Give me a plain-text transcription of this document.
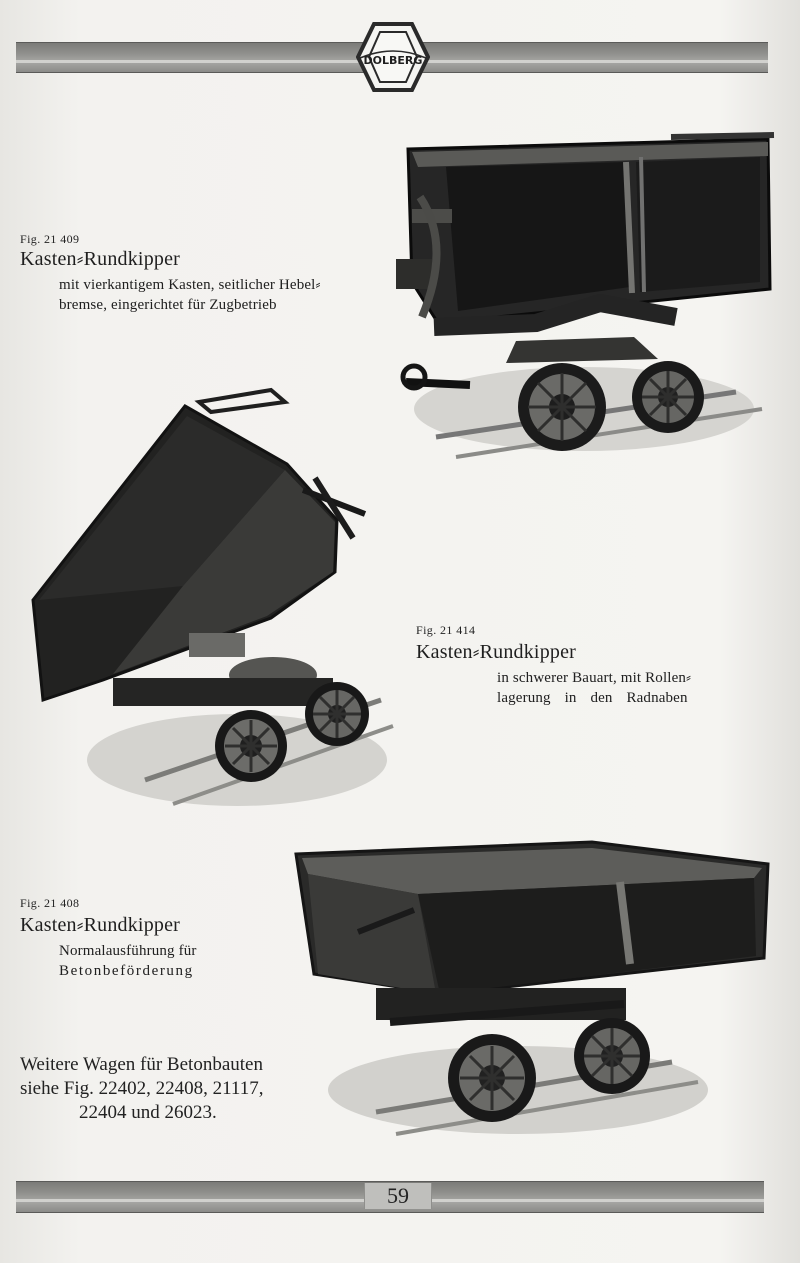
DOLBERG
Fig. 21 409
Kasten⸗Rundkipper
mit vierkantigem Kasten, seitlicher Hebel⸗
bremse, eingerichtet für Zugbetrieb
Fig. 21 414
Kasten⸗Rundkipper
in schwerer Bauart, mit Rollen⸗
lagerung in den Radnaben
Fig. 21 408
Kasten⸗Rundkipper
Normalausführung für
Betonbeförderung
Weitere Wagen für Betonbauten
siehe Fig. 22402, 22408, 21117,
22404 und 26023.
59
